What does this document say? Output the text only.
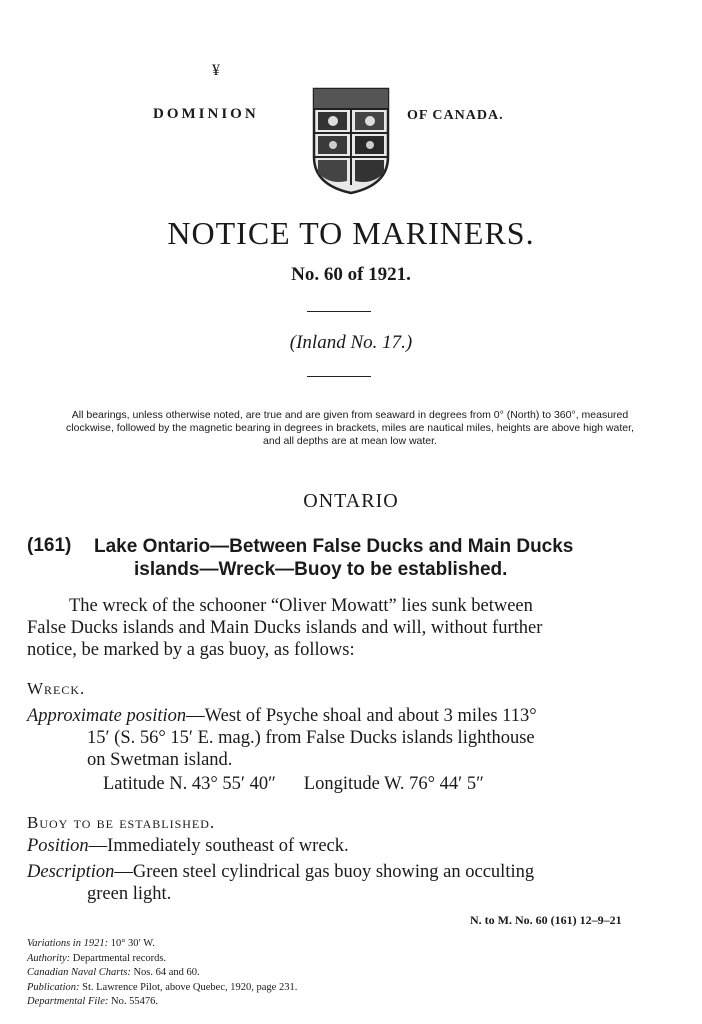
¥
DOMINION	OF CANADA.
NOTICE TO MARINERS.
No. 60 of 1921.
(Inland No. 17.)
All bearings, unless otherwise noted, are true and are given from seaward in degrees from 0° (North) to 360°, measured clockwise, followed by the magnetic bearing in degrees in brackets, miles are nautical miles, heights are above high water, and all depths are at mean low water.
ONTARIO
(161) Lake Ontario—Between False Ducks and Main Ducks
islands—Wreck—Buoy to be established.
The wreck of the schooner “Oliver Mowatt” lies sunk between
False Ducks islands and Main Ducks islands and will, without further
notice, be marked by a gas buoy, as follows:
Wreck.
Approximate position—West of Psyche shoal and about 3 miles 113°
15′ (S. 56° 15′ E. mag.) from False Ducks islands lighthouse
on Swetman island.
Latitude N. 43° 55′ 40″ Longitude W. 76° 44′ 5″
Buoy to be established.
Position—Immediately southeast of wreck.
Description—Green steel cylindrical gas buoy showing an occulting
green light.
N. to M. No. 60 (161) 12–9–21
Variations in 1921: 10° 30′ W.
Authority: Departmental records.
Canadian Naval Charts: Nos. 64 and 60.
Publication: St. Lawrence Pilot, above Quebec, 1920, page 231.
Departmental File: No. 55476.
